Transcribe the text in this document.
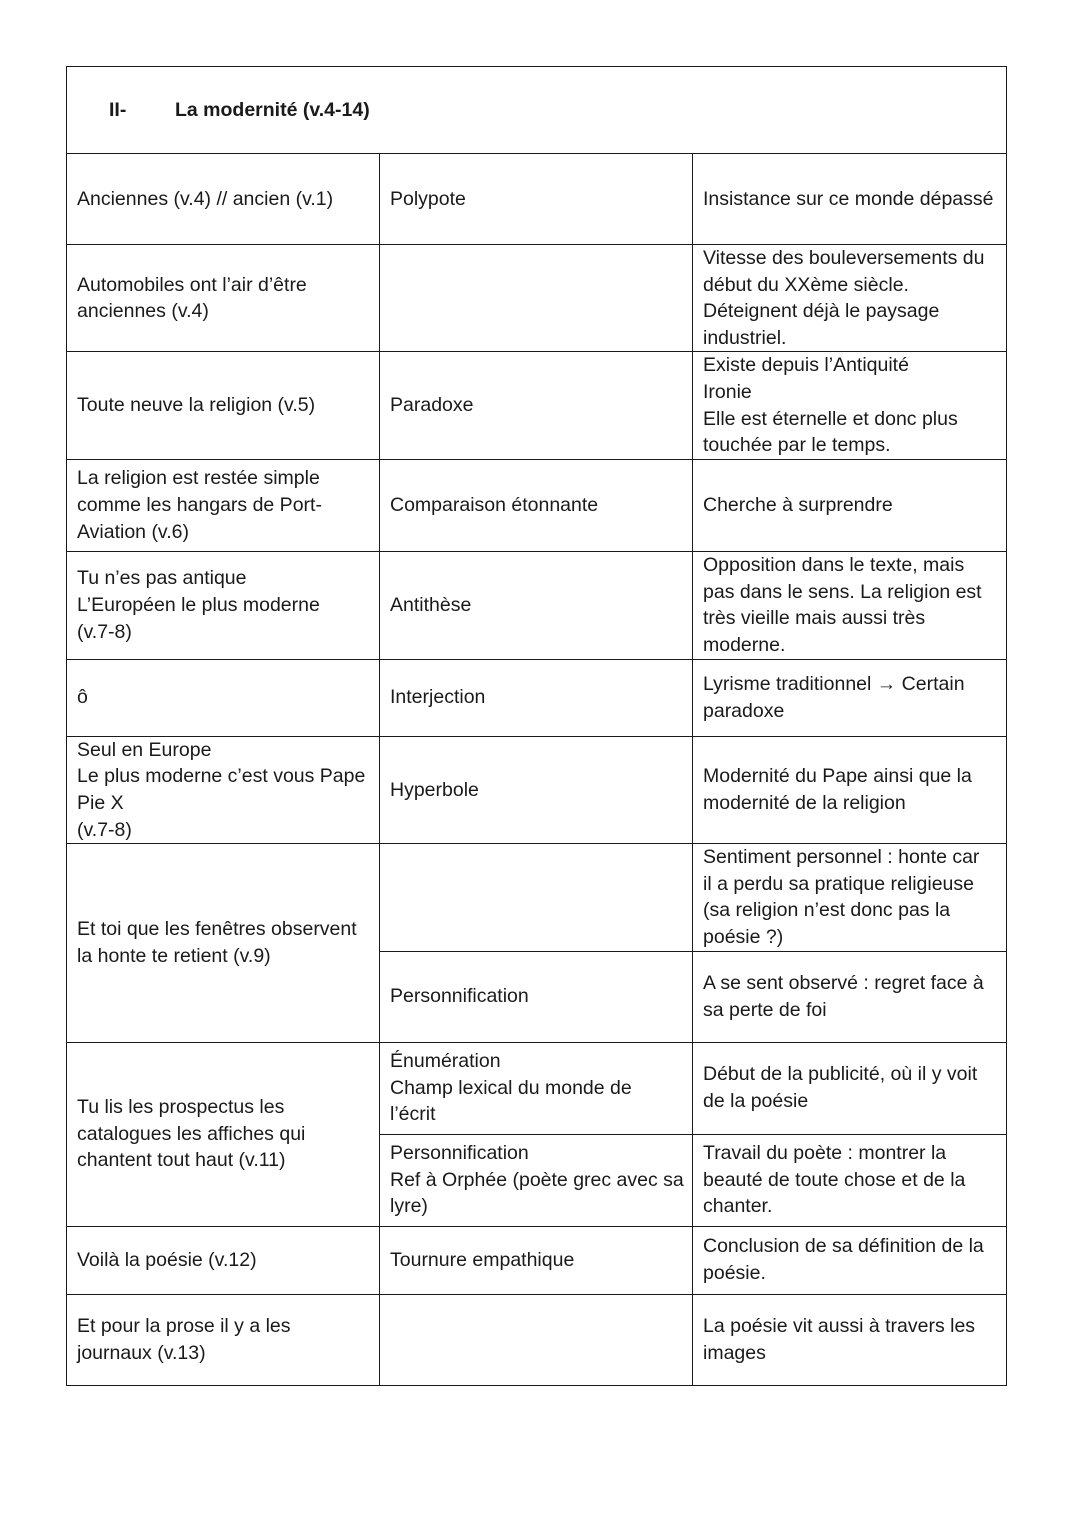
II- La modernité (v.4-14)		

Anciennes (v.4) // ancien (v.1)	Polypote	Insistance sur ce monde dépassé

Automobiles ont l’air d’être
anciennes (v.4)		Vitesse des bouleversements du
début du XXème siècle.
Déteignent déjà le paysage
industriel.

Toute neuve la religion (v.5)	Paradoxe	Existe depuis l’Antiquité
Ironie
Elle est éternelle et donc plus
touchée par le temps.

La religion est restée simple
comme les hangars de Port-
Aviation (v.6)	Comparaison étonnante	Cherche à surprendre

Tu n’es pas antique
L’Européen le plus moderne
(v.7-8)	Antithèse	Opposition dans le texte, mais
pas dans le sens. La religion est
très vieille mais aussi très
moderne.

ô	Interjection	Lyrisme traditionnel → Certain
paradoxe

Seul en Europe
Le plus moderne c’est vous Pape
Pie X
(v.7-8)	Hyperbole	Modernité du Pape ainsi que la
modernité de la religion

Et toi que les fenêtres observent
la honte te retient (v.9)		Sentiment personnel : honte car
il a perdu sa pratique religieuse
(sa religion n’est donc pas la
poésie ?)

	Personnification	A se sent observé : regret face à
sa perte de foi

Tu lis les prospectus les
catalogues les affiches qui
chantent tout haut (v.11)	Énumération
Champ lexical du monde de
l’écrit	Début de la publicité, où il y voit
de la poésie

	Personnification
Ref à Orphée (poète grec avec sa
lyre)	Travail du poète : montrer la
beauté de toute chose et de la
chanter.

Voilà la poésie (v.12)	Tournure empathique	Conclusion de sa définition de la
poésie.

Et pour la prose il y a les
journaux (v.13)		La poésie vit aussi à travers les
images
